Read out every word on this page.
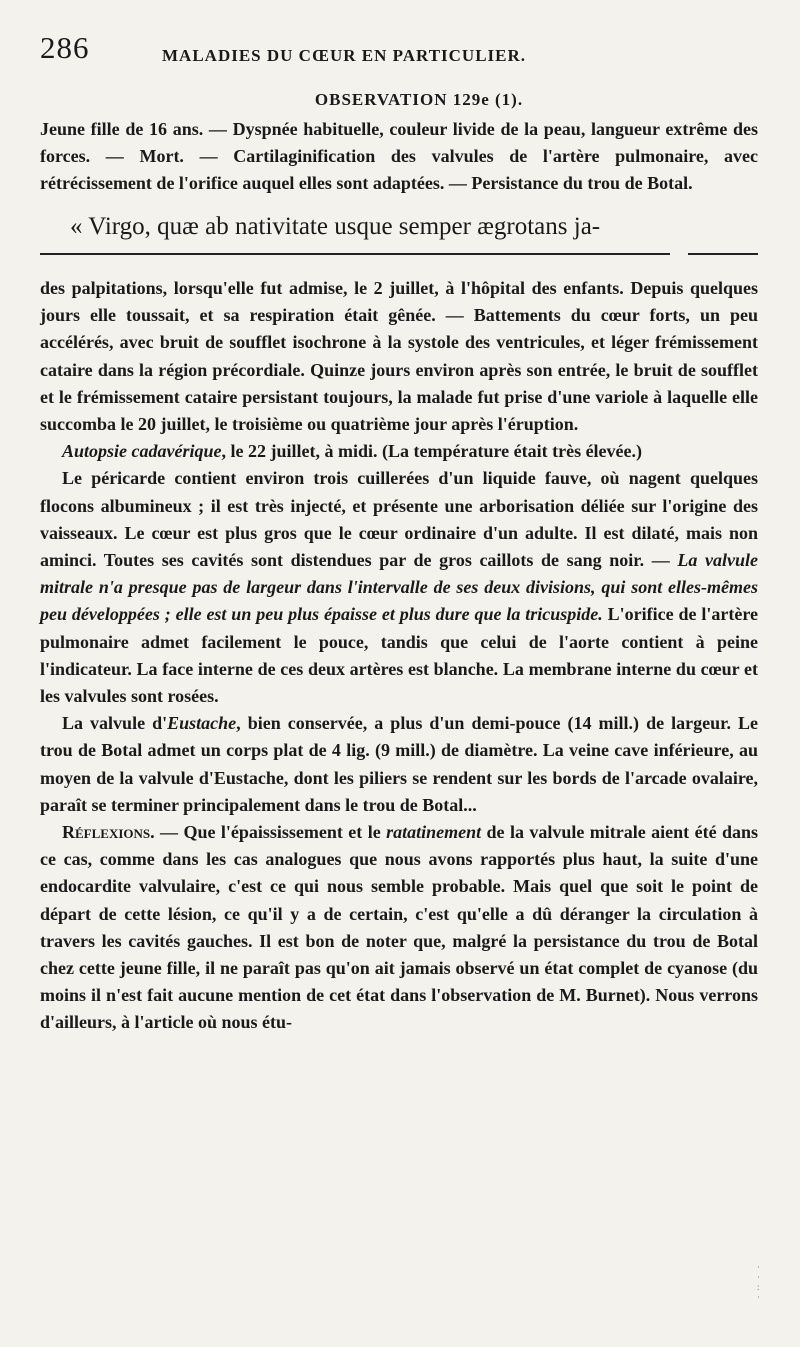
286	MALADIES DU CŒUR EN PARTICULIER.
OBSERVATION 129e (1).
Jeune fille de 16 ans. — Dyspnée habituelle, couleur livide de la peau, langueur extrême des forces. — Mort. — Cartilaginification des valvules de l'artère pulmonaire, avec rétrécissement de l'orifice auquel elles sont adaptées. — Persistance du trou de Botal.
« Virgo, quæ ab nativitate usque semper ægrotans ja-

des palpitations, lorsqu'elle fut admise, le 2 juillet, à l'hôpital des enfants. Depuis quelques jours elle toussait, et sa respiration était gênée. — Battements du cœur forts, un peu accélérés, avec bruit de soufflet isochrone à la systole des ventricules, et léger frémissement cataire dans la région précordiale. Quinze jours environ après son entrée, le bruit de soufflet et le frémissement cataire persistant toujours, la malade fut prise d'une variole à laquelle elle succomba le 20 juillet, le troisième ou quatrième jour après l'éruption.

Autopsie cadavérique, le 22 juillet, à midi. (La température était très élevée.)

Le péricarde contient environ trois cuillerées d'un liquide fauve, où nagent quelques flocons albumineux ; il est très injecté, et présente une arborisation déliée sur l'origine des vaisseaux. Le cœur est plus gros que le cœur ordinaire d'un adulte. Il est dilaté, mais non aminci. Toutes ses cavités sont distendues par de gros caillots de sang noir. — La valvule mitrale n'a presque pas de largeur dans l'intervalle de ses deux divisions, qui sont elles-mêmes peu développées ; elle est un peu plus épaisse et plus dure que la tricuspide. L'orifice de l'artère pulmonaire admet facilement le pouce, tandis que celui de l'aorte contient à peine l'indicateur. La face interne de ces deux artères est blanche. La membrane interne du cœur et les valvules sont rosées.

La valvule d'Eustache, bien conservée, a plus d'un demi-pouce (14 mill.) de largeur. Le trou de Botal admet un corps plat de 4 lig. (9 mill.) de diamètre. La veine cave inférieure, au moyen de la valvule d'Eustache, dont les piliers se rendent sur les bords de l'arcade ovalaire, paraît se terminer principalement dans le trou de Botal...

Réflexions. — Que l'épaississement et le ratatinement de la valvule mitrale aient été dans ce cas, comme dans les cas analogues que nous avons rapportés plus haut, la suite d'une endocardite valvulaire, c'est ce qui nous semble probable. Mais quel que soit le point de départ de cette lésion, ce qu'il y a de certain, c'est qu'elle a dû déranger la circulation à travers les cavités gauches. Il est bon de noter que, malgré la persistance du trou de Botal chez cette jeune fille, il ne paraît pas qu'on ait jamais observé un état complet de cyanose (du moins il n'est fait aucune mention de cet état dans l'observation de M. Burnet). Nous verrons d'ailleurs, à l'article où nous étu-

·
·
:
·
